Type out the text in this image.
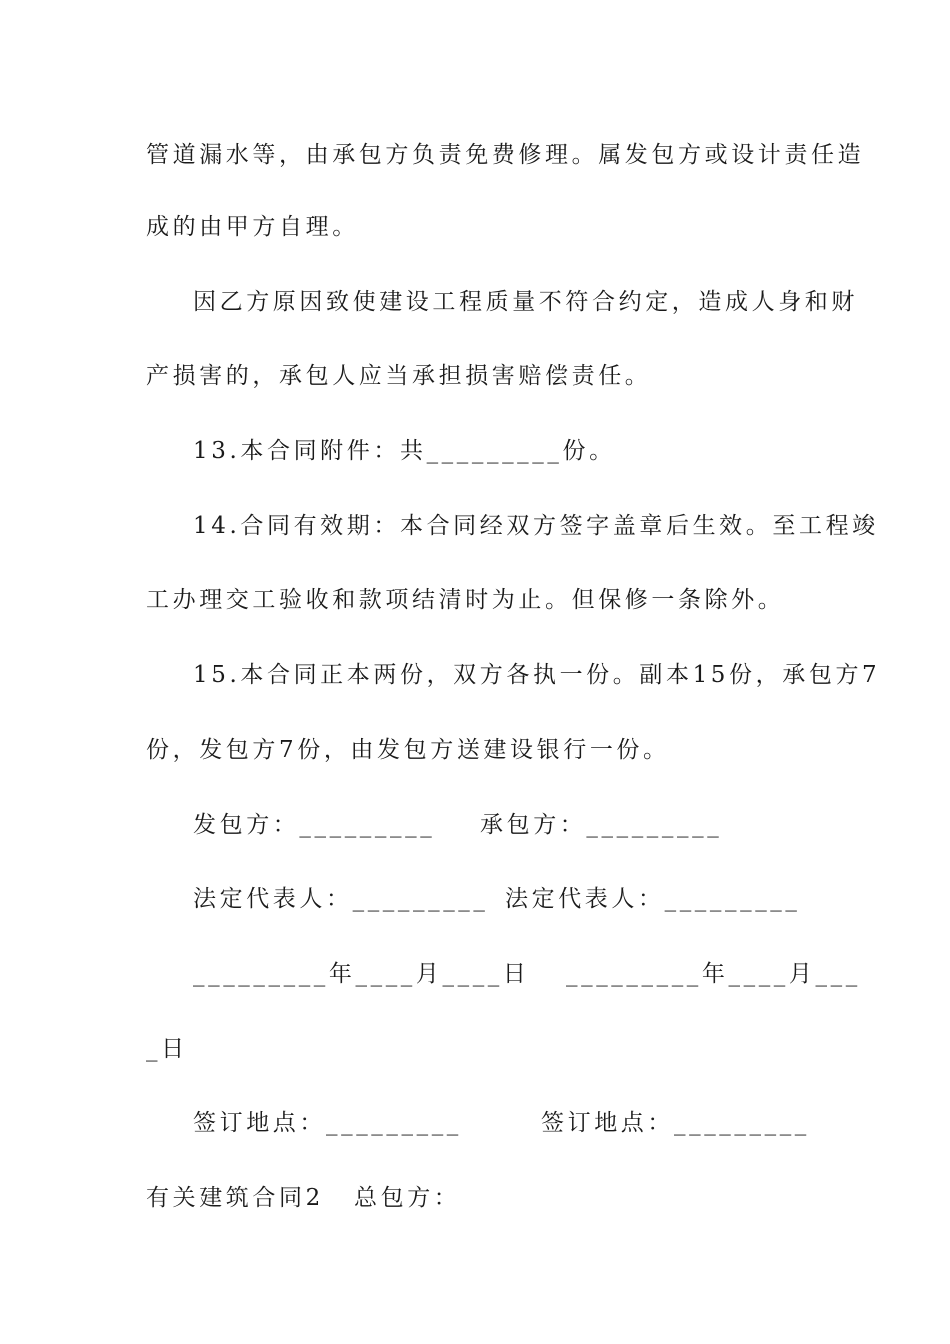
管道漏水等，由承包方负责免费修理。属发包方或设计责任造
成的由甲方自理。
因乙方原因致使建设工程质量不符合约定，造成人身和财
产损害的，承包人应当承担损害赔偿责任。
13.本合同附件：共_________份。
14.合同有效期：本合同经双方签字盖章后生效。至工程竣
工办理交工验收和款项结清时为止。但保修一条除外。
15.本合同正本两份，双方各执一份。副本15份，承包方7
份，发包方7份，由发包方送建设银行一份。
发包方：_________ 承包方：_________
法定代表人：_________ 法定代表人：_________
_________年____月____日 _________年____月___
_日
签订地点：_________	签订地点：_________
有关建筑合同2 总包方：
